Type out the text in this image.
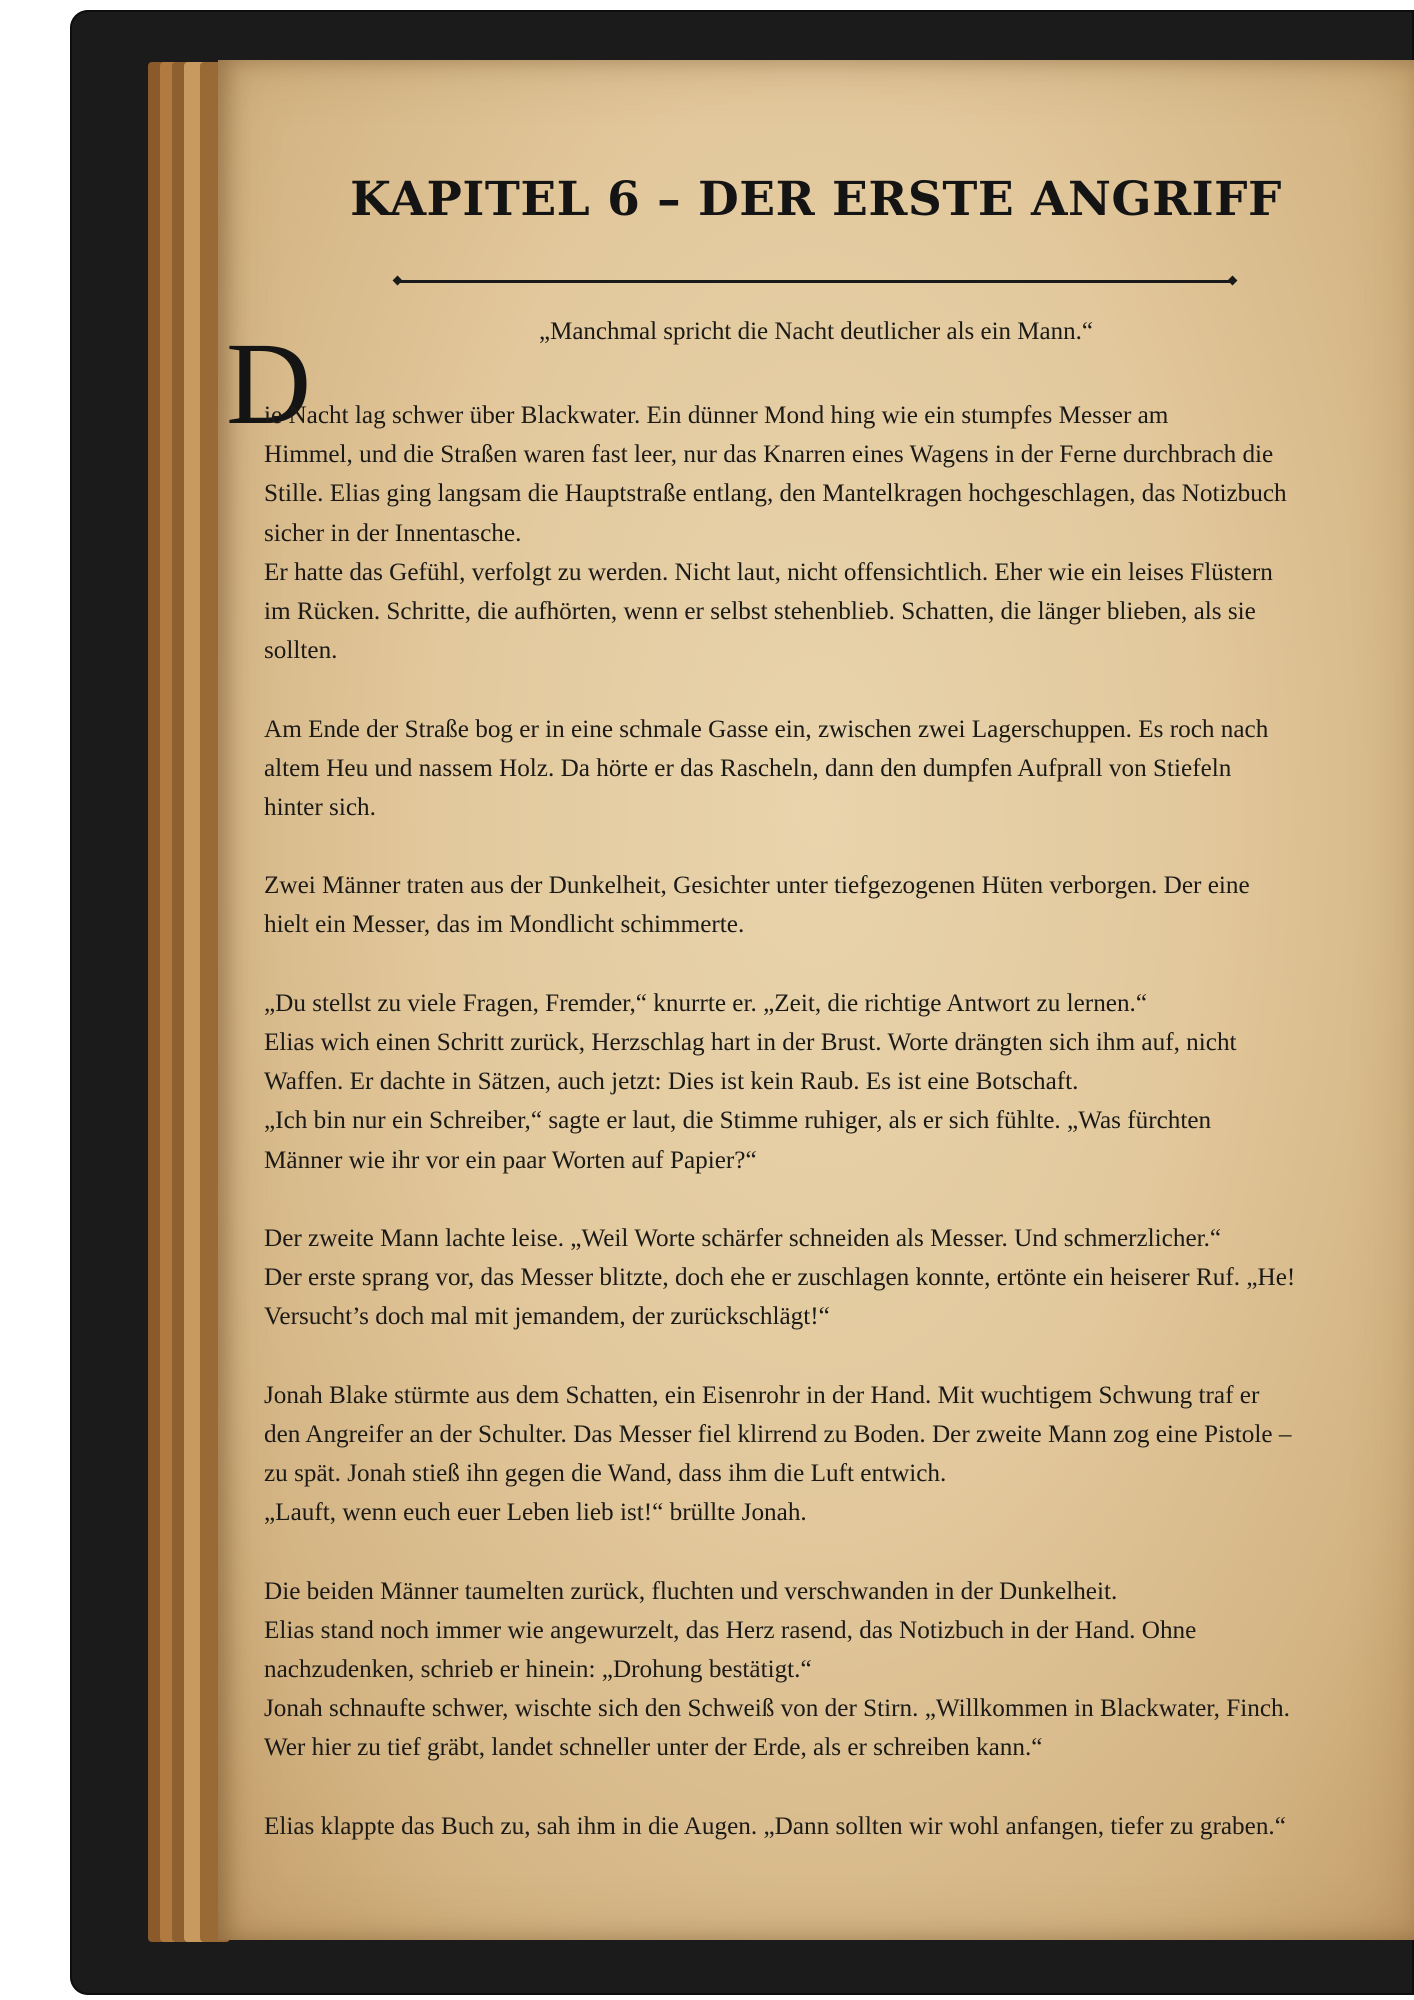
KAPITEL 6 – DER ERSTE ANGRIFF
„Manchmal spricht die Nacht deutlicher als ein Mann.“
D
ie Nacht lag schwer über Blackwater. Ein dünner Mond hing wie ein stumpfes Messer am
Himmel, und die Straßen waren fast leer, nur das Knarren eines Wagens in der Ferne durchbrach die
Stille. Elias ging langsam die Hauptstraße entlang, den Mantelkragen hochgeschlagen, das Notizbuch
sicher in der Innentasche.
Er hatte das Gefühl, verfolgt zu werden. Nicht laut, nicht offensichtlich. Eher wie ein leises Flüstern
im Rücken. Schritte, die aufhörten, wenn er selbst stehenblieb. Schatten, die länger blieben, als sie
sollten.
Am Ende der Straße bog er in eine schmale Gasse ein, zwischen zwei Lagerschuppen. Es roch nach
altem Heu und nassem Holz. Da hörte er das Rascheln, dann den dumpfen Aufprall von Stiefeln
hinter sich.
Zwei Männer traten aus der Dunkelheit, Gesichter unter tiefgezogenen Hüten verborgen. Der eine
hielt ein Messer, das im Mondlicht schimmerte.
„Du stellst zu viele Fragen, Fremder,“ knurrte er. „Zeit, die richtige Antwort zu lernen.“
Elias wich einen Schritt zurück, Herzschlag hart in der Brust. Worte drängten sich ihm auf, nicht
Waffen. Er dachte in Sätzen, auch jetzt: Dies ist kein Raub. Es ist eine Botschaft.
„Ich bin nur ein Schreiber,“ sagte er laut, die Stimme ruhiger, als er sich fühlte. „Was fürchten
Männer wie ihr vor ein paar Worten auf Papier?“
Der zweite Mann lachte leise. „Weil Worte schärfer schneiden als Messer. Und schmerzlicher.“
Der erste sprang vor, das Messer blitzte, doch ehe er zuschlagen konnte, ertönte ein heiserer Ruf. „He!
Versucht’s doch mal mit jemandem, der zurückschlägt!“
Jonah Blake stürmte aus dem Schatten, ein Eisenrohr in der Hand. Mit wuchtigem Schwung traf er
den Angreifer an der Schulter. Das Messer fiel klirrend zu Boden. Der zweite Mann zog eine Pistole –
zu spät. Jonah stieß ihn gegen die Wand, dass ihm die Luft entwich.
„Lauft, wenn euch euer Leben lieb ist!“ brüllte Jonah.
Die beiden Männer taumelten zurück, fluchten und verschwanden in der Dunkelheit.
Elias stand noch immer wie angewurzelt, das Herz rasend, das Notizbuch in der Hand. Ohne
nachzudenken, schrieb er hinein: „Drohung bestätigt.“
Jonah schnaufte schwer, wischte sich den Schweiß von der Stirn. „Willkommen in Blackwater, Finch.
Wer hier zu tief gräbt, landet schneller unter der Erde, als er schreiben kann.“
Elias klappte das Buch zu, sah ihm in die Augen. „Dann sollten wir wohl anfangen, tiefer zu graben.“
